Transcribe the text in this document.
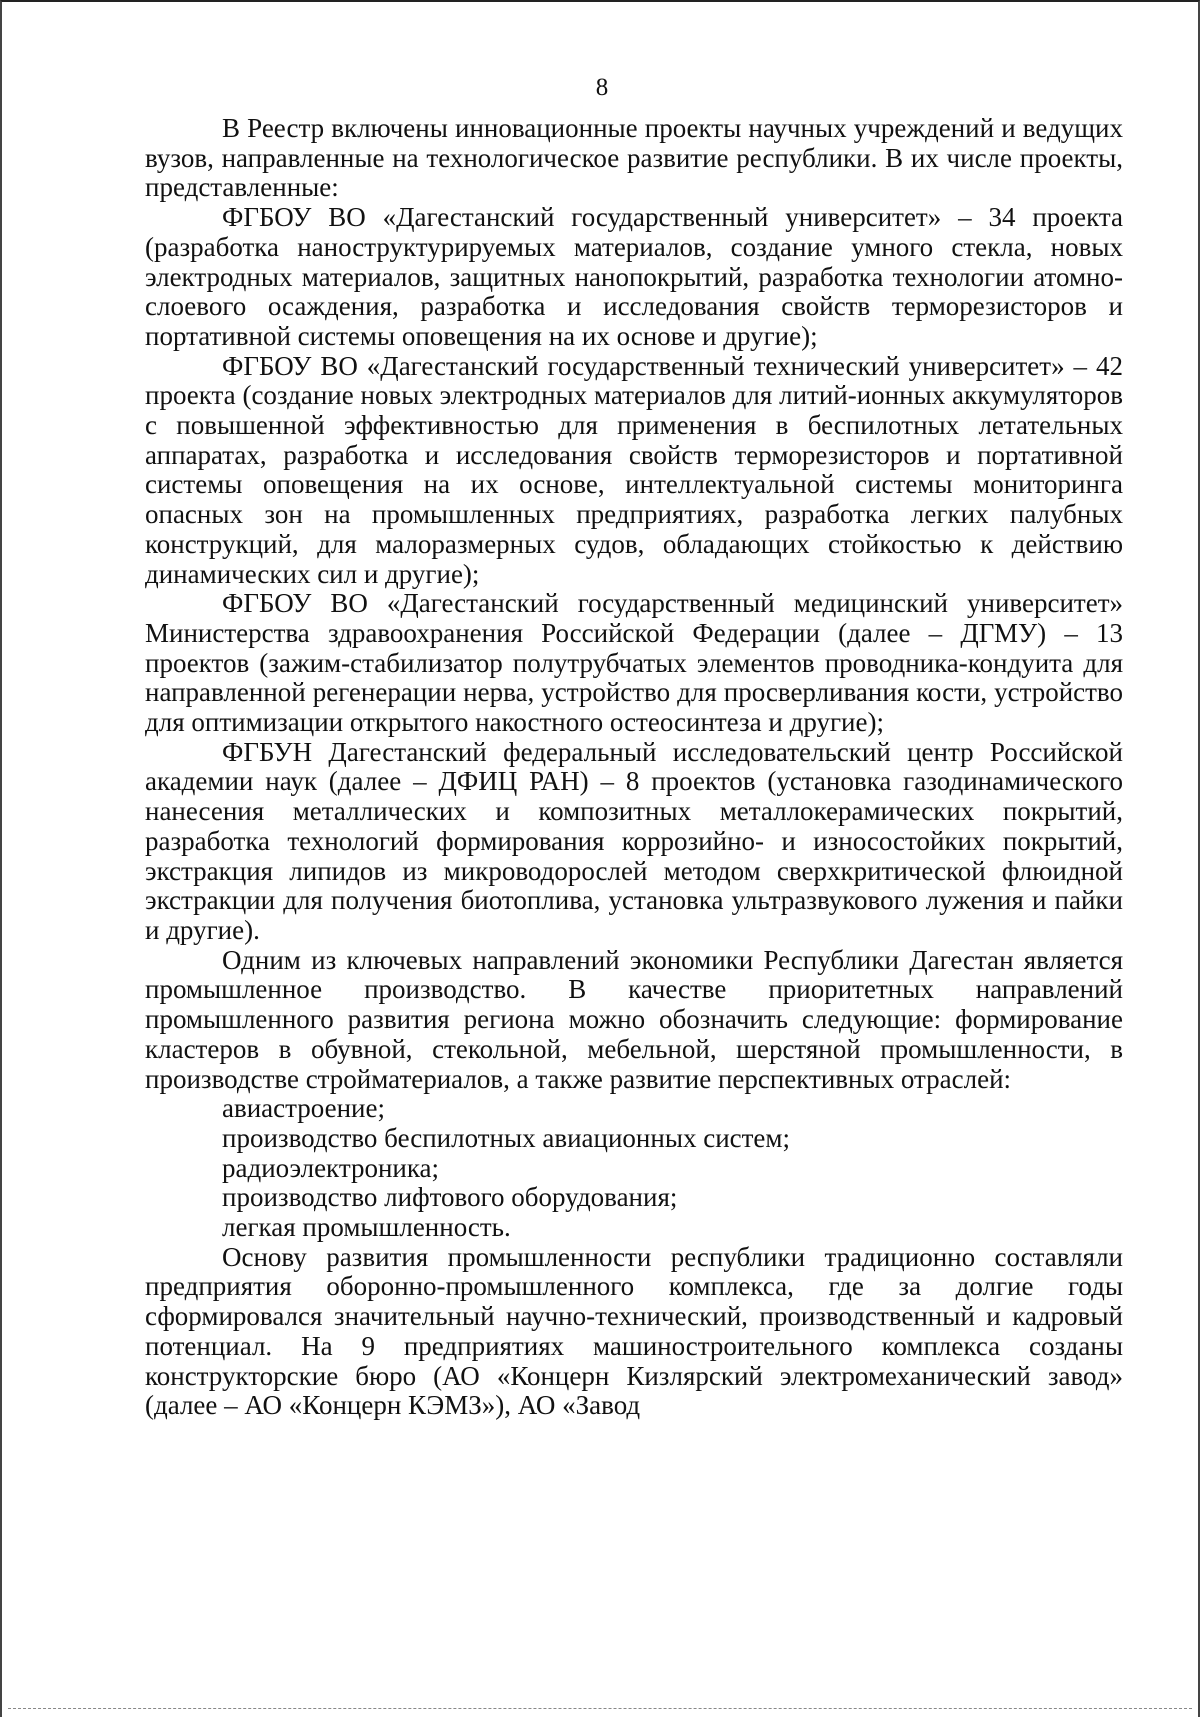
8

В Реестр включены инновационные проекты научных учреждений и ведущих вузов, направленные на технологическое развитие республики. В их числе проекты, представленные:

ФГБОУ ВО «Дагестанский государственный университет» – 34 проекта (разработка наноструктурируемых материалов, создание умного стекла, новых электродных материалов, защитных нанопокрытий, разработка технологии атомно-слоевого осаждения, разработка и исследования свойств терморезисторов и портативной системы оповещения на их основе и другие);

ФГБОУ ВО «Дагестанский государственный технический университет» – 42 проекта (создание новых электродных материалов для литий-ионных аккумуляторов с повышенной эффективностью для применения в беспилотных летательных аппаратах, разработка и исследования свойств терморезисторов и портативной системы оповещения на их основе, интеллектуальной системы мониторинга опасных зон на промышленных предприятиях, разработка легких палубных конструкций, для малоразмерных судов, обладающих стойкостью к действию динамических сил и другие);

ФГБОУ ВО «Дагестанский государственный медицинский университет» Министерства здравоохранения Российской Федерации (далее – ДГМУ) – 13 проектов (зажим-стабилизатор полутрубчатых элементов проводника-кондуита для направленной регенерации нерва, устройство для просверливания кости, устройство для оптимизации открытого накостного остеосинтеза и другие);

ФГБУН Дагестанский федеральный исследовательский центр Российской академии наук (далее – ДФИЦ РАН) – 8 проектов (установка газодинамического нанесения металлических и композитных металлокерамических покрытий, разработка технологий формирования коррозийно- и износостойких покрытий, экстракция липидов из микроводорослей методом сверхкритической флюидной экстракции для получения биотоплива, установка ультразвукового лужения и пайки и другие).

Одним из ключевых направлений экономики Республики Дагестан является промышленное производство. В качестве приоритетных направлений промышленного развития региона можно обозначить следующие: формирование кластеров в обувной, стекольной, мебельной, шерстяной промышленности, в производстве стройматериалов, а также развитие перспективных отраслей:

авиастроение;

производство беспилотных авиационных систем;

радиоэлектроника;

производство лифтового оборудования;

легкая промышленность.

Основу развития промышленности республики традиционно составляли предприятия оборонно-промышленного комплекса, где за долгие годы сформировался значительный научно-технический, производственный и кадровый потенциал. На 9 предприятиях машиностроительного комплекса созданы конструкторские бюро (АО «Концерн Кизлярский электромеханический завод» (далее – АО «Концерн КЭМЗ»), АО «Завод
